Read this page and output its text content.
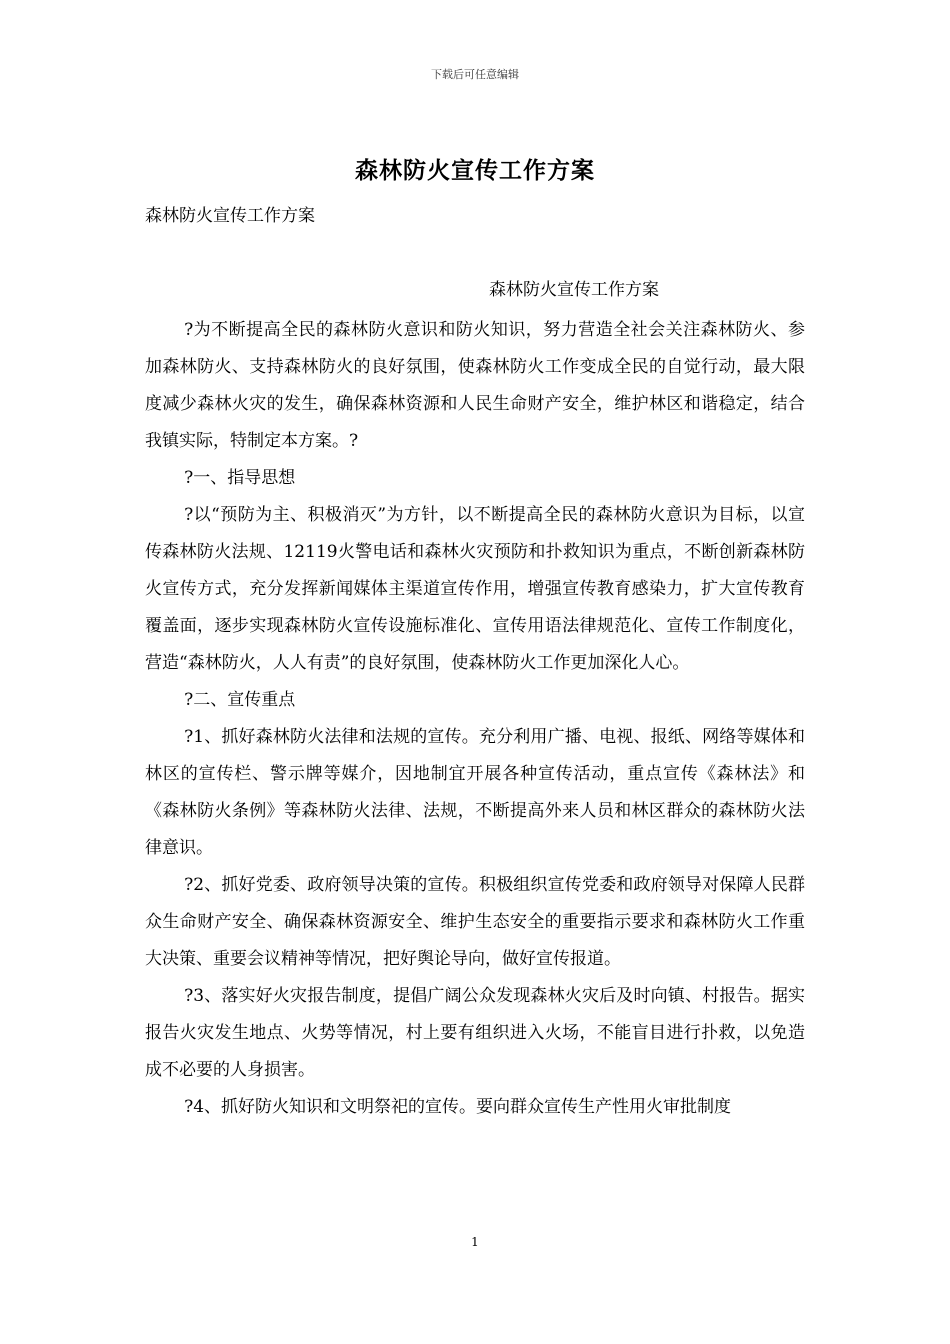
下载后可任意编辑
森林防火宣传工作方案
森林防火宣传工作方案
森林防火宣传工作方案

?为不断提高全民的森林防火意识和防火知识，努力营造全社会关注森林防火、参加森林防火、支持森林防火的良好氛围，使森林防火工作变成全民的自觉行动，最大限度减少森林火灾的发生，确保森林资源和人民生命财产安全，维护林区和谐稳定，结合我镇实际，特制定本方案。?

?一、指导思想

?以“预防为主、积极消灭”为方针，以不断提高全民的森林防火意识为目标，以宣传森林防火法规、12119火警电话和森林火灾预防和扑救知识为重点，不断创新森林防火宣传方式，充分发挥新闻媒体主渠道宣传作用，增强宣传教育感染力，扩大宣传教育覆盖面，逐步实现森林防火宣传设施标准化、宣传用语法律规范化、宣传工作制度化，营造“森林防火，人人有责”的良好氛围，使森林防火工作更加深化人心。

?二、宣传重点

?1、抓好森林防火法律和法规的宣传。充分利用广播、电视、报纸、网络等媒体和林区的宣传栏、警示牌等媒介，因地制宜开展各种宣传活动，重点宣传《森林法》和《森林防火条例》等森林防火法律、法规，不断提高外来人员和林区群众的森林防火法律意识。

?2、抓好党委、政府领导决策的宣传。积极组织宣传党委和政府领导对保障人民群众生命财产安全、确保森林资源安全、维护生态安全的重要指示要求和森林防火工作重大决策、重要会议精神等情况，把好舆论导向，做好宣传报道。

?3、落实好火灾报告制度，提倡广阔公众发现森林火灾后及时向镇、村报告。据实报告火灾发生地点、火势等情况，村上要有组织进入火场，不能盲目进行扑救，以免造成不必要的人身损害。

?4、抓好防火知识和文明祭祀的宣传。要向群众宣传生产性用火审批制度

1
